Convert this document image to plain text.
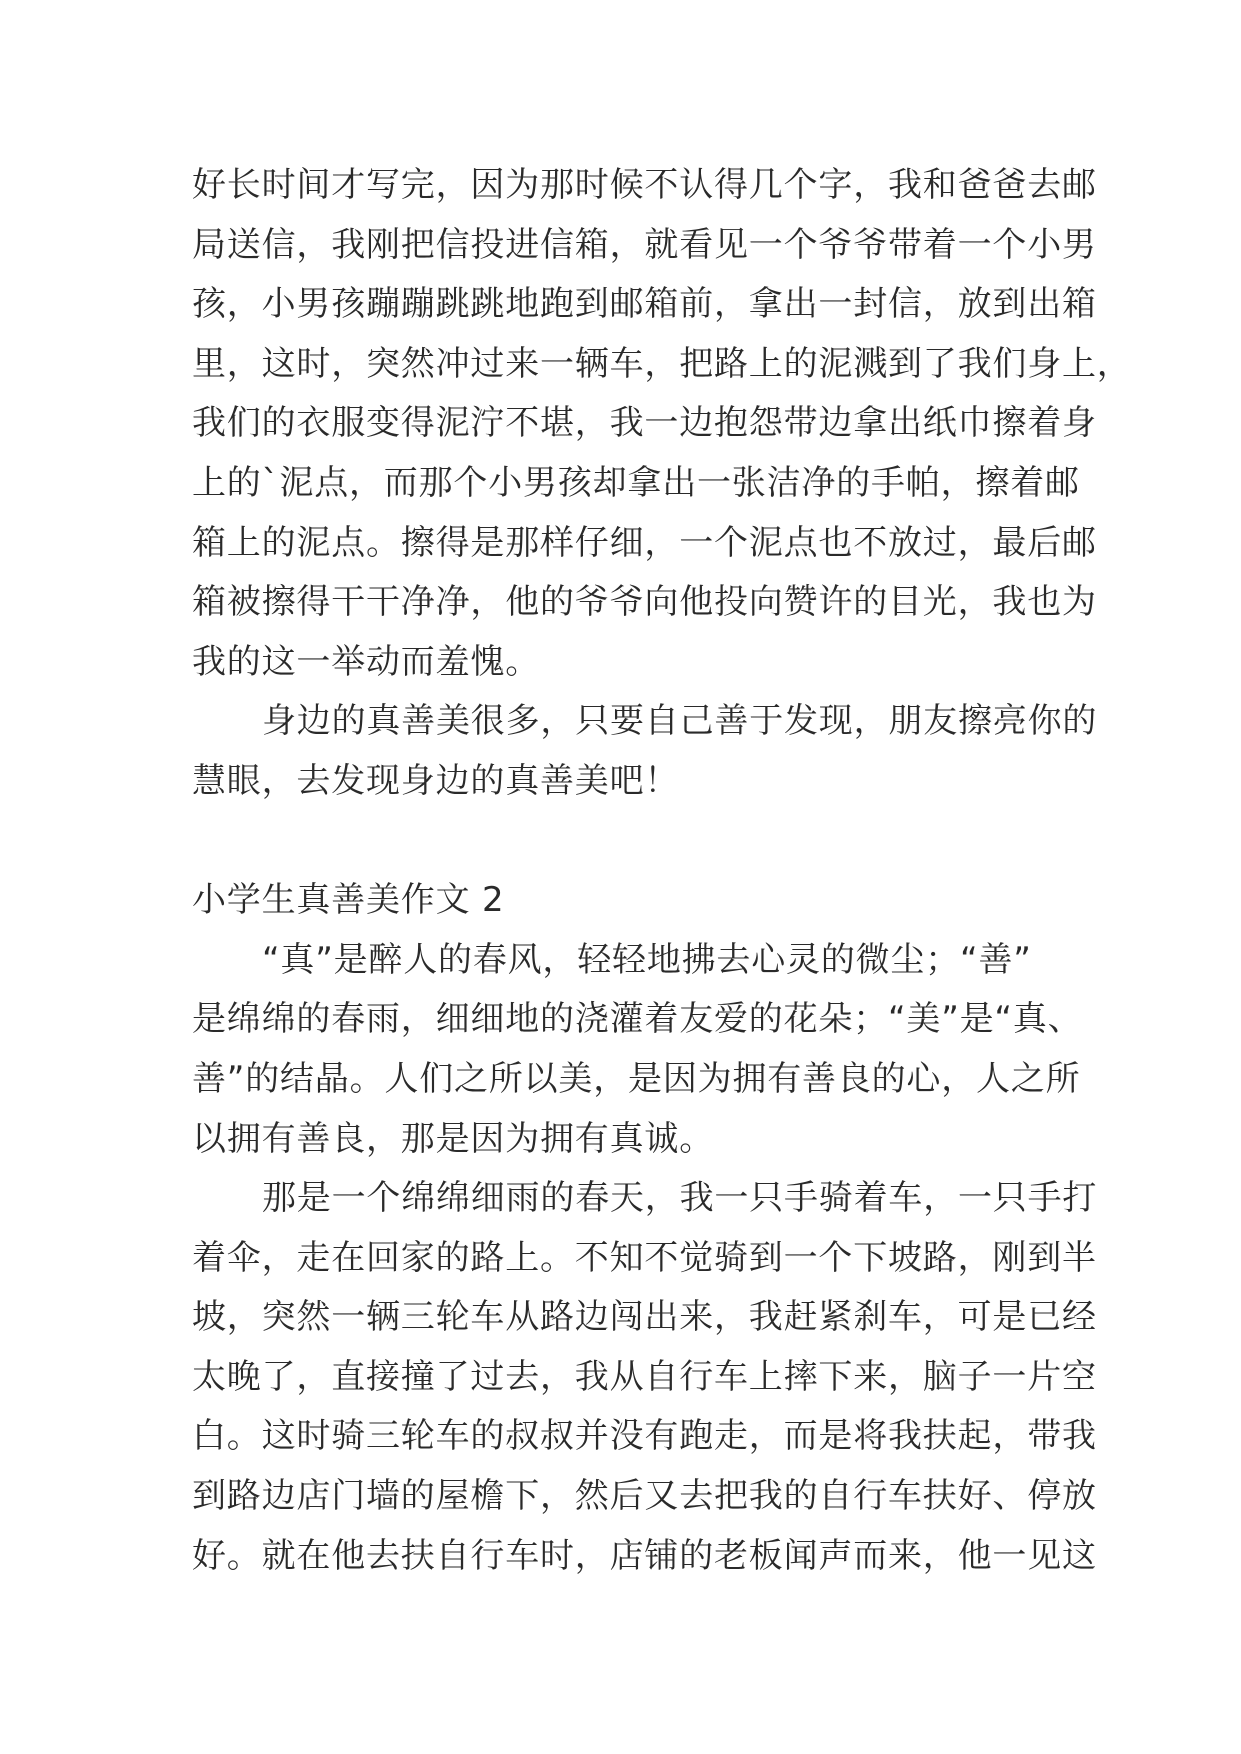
好长时间才写完，因为那时候不认得几个字，我和爸爸去邮
局送信，我刚把信投进信箱，就看见一个爷爷带着一个小男
孩，小男孩蹦蹦跳跳地跑到邮箱前，拿出一封信，放到出箱
里，这时，突然冲过来一辆车，把路上的泥溅到了我们身上，
我们的衣服变得泥泞不堪，我一边抱怨带边拿出纸巾擦着身
上的`泥点，而那个小男孩却拿出一张洁净的手帕，擦着邮
箱上的泥点。擦得是那样仔细，一个泥点也不放过，最后邮
箱被擦得干干净净，他的爷爷向他投向赞许的目光，我也为
我的这一举动而羞愧。
身边的真善美很多，只要自己善于发现，朋友擦亮你的
慧眼，去发现身边的真善美吧！
小学生真善美作文 2
“真”是醉人的春风，轻轻地拂去心灵的微尘；“善”
是绵绵的春雨，细细地的浇灌着友爱的花朵；“美”是“真、
善”的结晶。人们之所以美，是因为拥有善良的心，人之所
以拥有善良，那是因为拥有真诚。
那是一个绵绵细雨的春天，我一只手骑着车，一只手打
着伞，走在回家的路上。不知不觉骑到一个下坡路，刚到半
坡，突然一辆三轮车从路边闯出来，我赶紧刹车，可是已经
太晚了，直接撞了过去，我从自行车上摔下来，脑子一片空
白。这时骑三轮车的叔叔并没有跑走，而是将我扶起，带我
到路边店门墙的屋檐下，然后又去把我的自行车扶好、停放
好。就在他去扶自行车时，店铺的老板闻声而来，他一见这
